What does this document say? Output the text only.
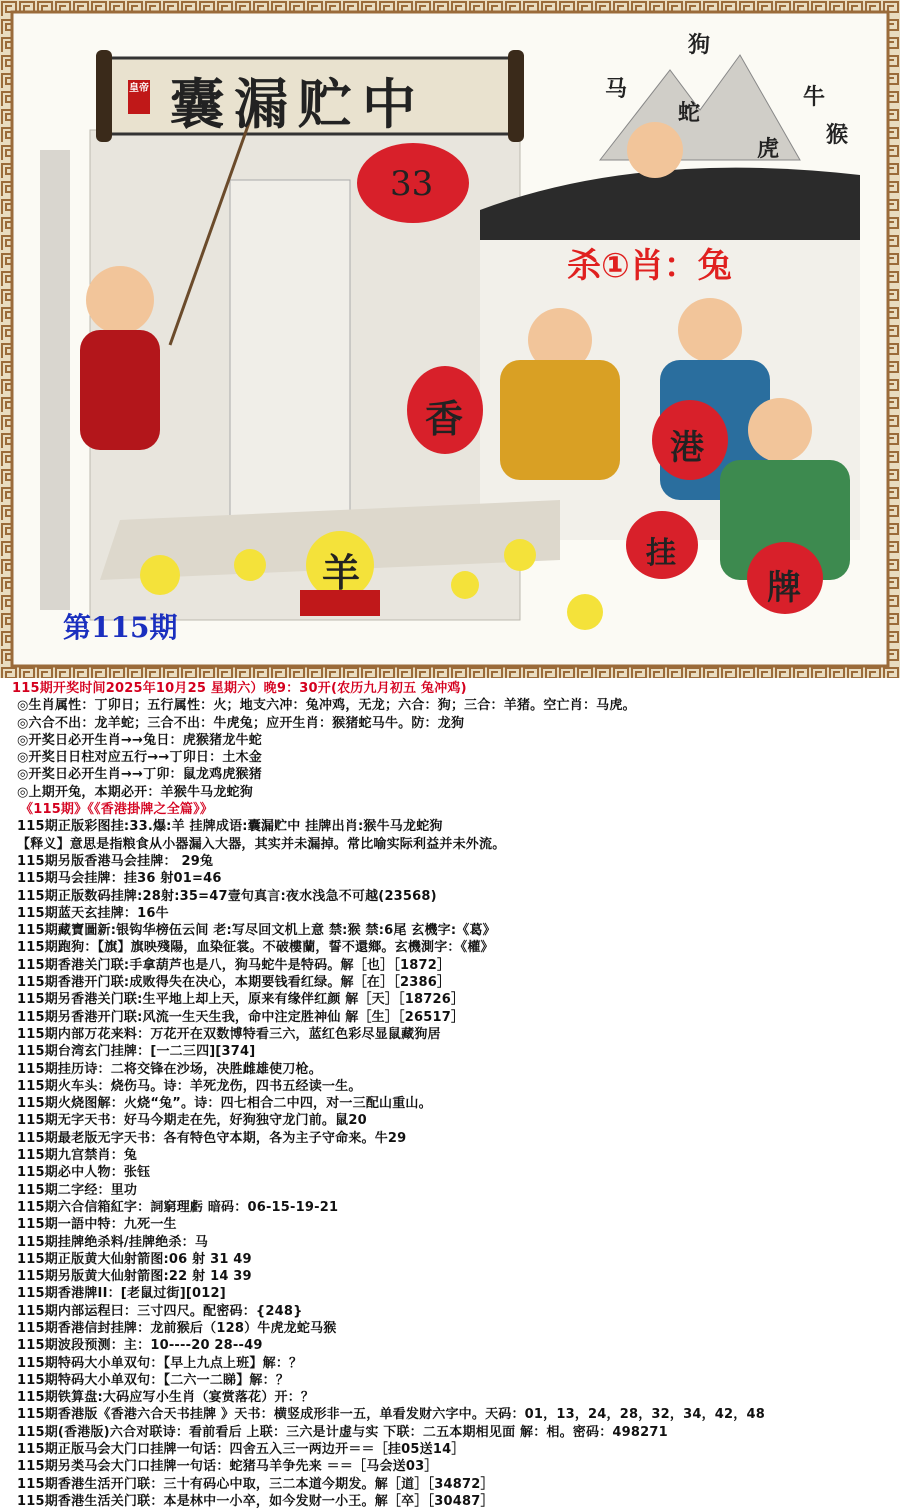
囊漏贮中
皇帝
33
杀①肖：兔
第115期
狗
马
蛇
牛
虎
猴
香
港
挂
牌
羊
115期开奖时间2025年10月25 星期六）晚9：30开(农历九月初五 兔冲鸡)
◎生肖属性：丁卯日；五行属性：火；地支六冲：兔冲鸡，无龙；六合：狗；三合：羊猪。空亡肖：马虎。
◎六合不出：龙羊蛇；三合不出：牛虎兔；应开生肖：猴猪蛇马牛。防：龙狗
◎开奖日必开生肖→→兔日：虎猴猪龙牛蛇
◎开奖日日柱对应五行→→丁卯日：土木金
◎开奖日必开生肖→→丁卯：鼠龙鸡虎猴猪
◎上期开兔，本期必开：羊猴牛马龙蛇狗
《115期》《《香港掛牌之全篇》》
115期正版彩图挂:33.爆:羊 挂牌成语:囊漏贮中 挂牌出肖:猴牛马龙蛇狗
【释义】意思是指粮食从小器漏入大器，其实并未漏掉。常比喻实际利益并未外流。
115期另版香港马会挂牌： 29兔
115期马会挂牌：挂36 射01=46
115期正版数码挂牌:28射:35=47壹句真言:夜水浅急不可越(23568)
115期蓝天玄挂牌：16牛
115期藏寶圖新:银钩华榜伍云间 老:写尽回文机上意 禁:猴 禁:6尾 玄機字:《葛》
115期跑狗：【旗】旗映殘陽，血染征裳。不破樓蘭，誓不還鄉。玄機測字：《權》
115期香港关门联:手拿葫芦也是八，狗马蛇牛是特码。解［也］［1872］
115期香港开门联:成败得失在决心，本期要钱看红绿。解［在］［2386］
115期另香港关门联:生平地上却上天，原来有缘伴红颜 解［天］［18726］
115期另香港开门联:风流一生天生我，命中注定胜神仙 解［生］［26517］
115期内部万花来料：万花开在双数博特看三六，蓝红色彩尽显鼠藏狗居
115期台湾玄门挂牌：[一二三四][374]
115期挂历诗：二将交锋在沙场，决胜雌雄使刀枪。
115期火车头：烧伤马。诗：羊死龙伤，四书五经读一生。
115期火烧图解：火烧“兔”。诗：四七相合二中四，对一三配山重山。
115期无字天书：好马今期走在先，好狗独守龙门前。鼠20
115期最老版无字天书：各有特色守本期，各为主子守命来。牛29
115期九宫禁肖：兔
115期必中人物：张钰
115期二字经：里功
115期六合信箱紅字：詞窮理虧 暗码：06-15-19-21
115期一語中特：九死一生
115期挂牌绝杀料/挂牌绝杀：马
115期正版黄大仙射箭图:06 射 31 49
115期另版黄大仙射箭图:22 射 14 39
115期香港牌II：[老鼠过街][012]
115期内部运程曰：三寸四尺。配密码：{248}
115期香港信封挂牌：龙前猴后（128）牛虎龙蛇马猴
115期波段预测：主：10----20 28--49
115期特码大小单双句：【早上九点上班】解：？
115期特码大小单双句：【二六一二睇】解：？
115期铁算盘:大码应写小生肖（宴赏落花）开：？
115期香港版《香港六合天书挂牌 》天书：横竖成形非一五，单看发财六字中。天码：01，13，24，28，32，34，42，48
115期(香港版)六合对联诗：看前看后 上联：三六是计虚与实 下联：二五本期相见面 解：相。密码：498271
115期正版马会大门口挂牌一句话：四舍五入三一两边开＝＝［挂05送14］
115期另类马会大门口挂牌一句话：蛇猪马羊争先来 ＝＝［马会送03］
115期香港生活开门联：三十有码心中取，三二本道今期发。解［道］［34872］
115期香港生活关门联：本是林中一小卒，如今发财一小王。解［卒］［30487］
